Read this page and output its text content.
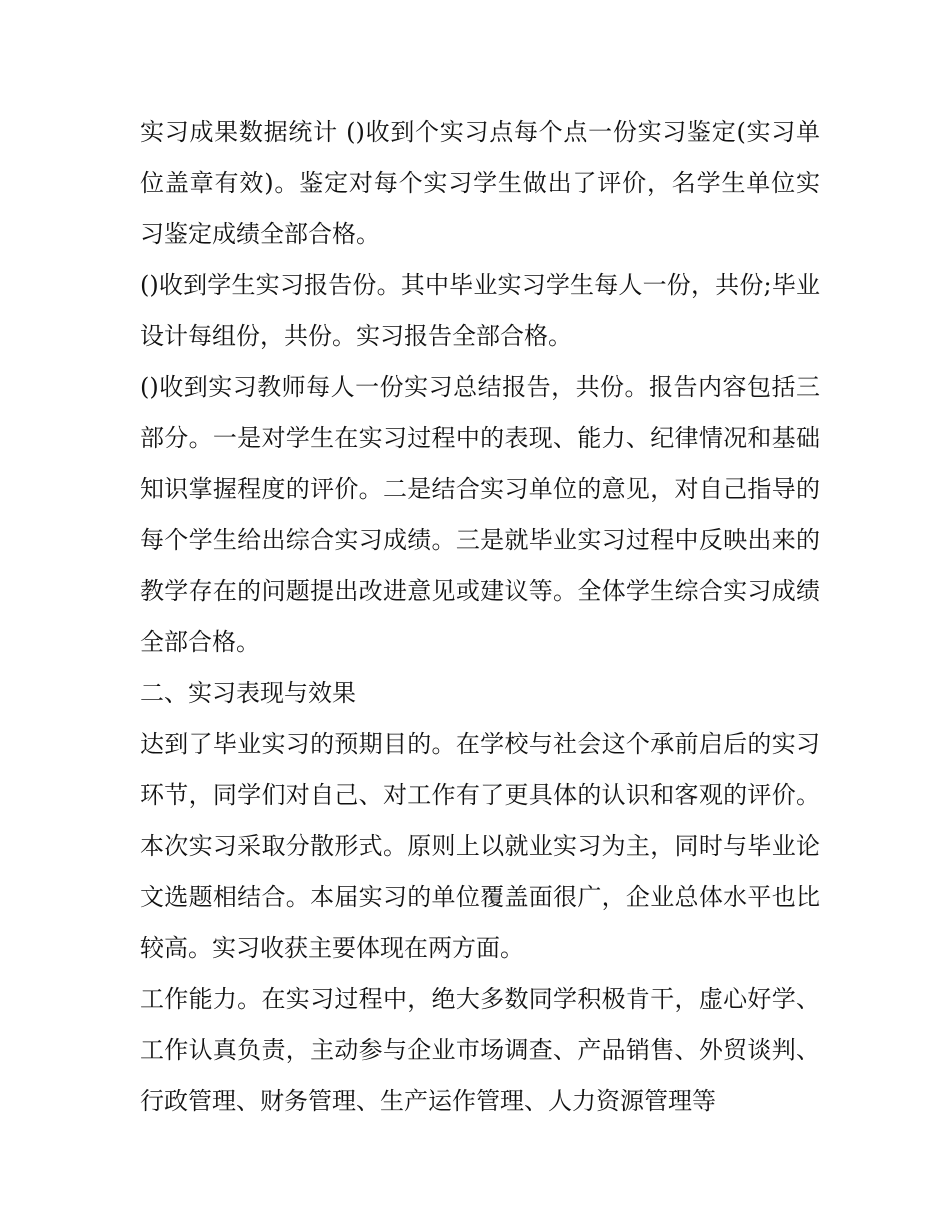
实习成果数据统计 ()收到个实习点每个点一份实习鉴定(实习单位盖章有效)。鉴定对每个实习学生做出了评价，名学生单位实习鉴定成绩全部合格。

()收到学生实习报告份。其中毕业实习学生每人一份，共份;毕业设计每组份，共份。实习报告全部合格。

()收到实习教师每人一份实习总结报告，共份。报告内容包括三部分。一是对学生在实习过程中的表现、能力、纪律情况和基础知识掌握程度的评价。二是结合实习单位的意见，对自己指导的每个学生给出综合实习成绩。三是就毕业实习过程中反映出来的教学存在的问题提出改进意见或建议等。全体学生综合实习成绩全部合格。

二、实习表现与效果

达到了毕业实习的预期目的。在学校与社会这个承前启后的实习环节，同学们对自己、对工作有了更具体的认识和客观的评价。本次实习采取分散形式。原则上以就业实习为主，同时与毕业论文选题相结合。本届实习的单位覆盖面很广，企业总体水平也比较高。实习收获主要体现在两方面。

工作能力。在实习过程中，绝大多数同学积极肯干，虚心好学、工作认真负责，主动参与企业市场调查、产品销售、外贸谈判、行政管理、财务管理、生产运作管理、人力资源管理等
